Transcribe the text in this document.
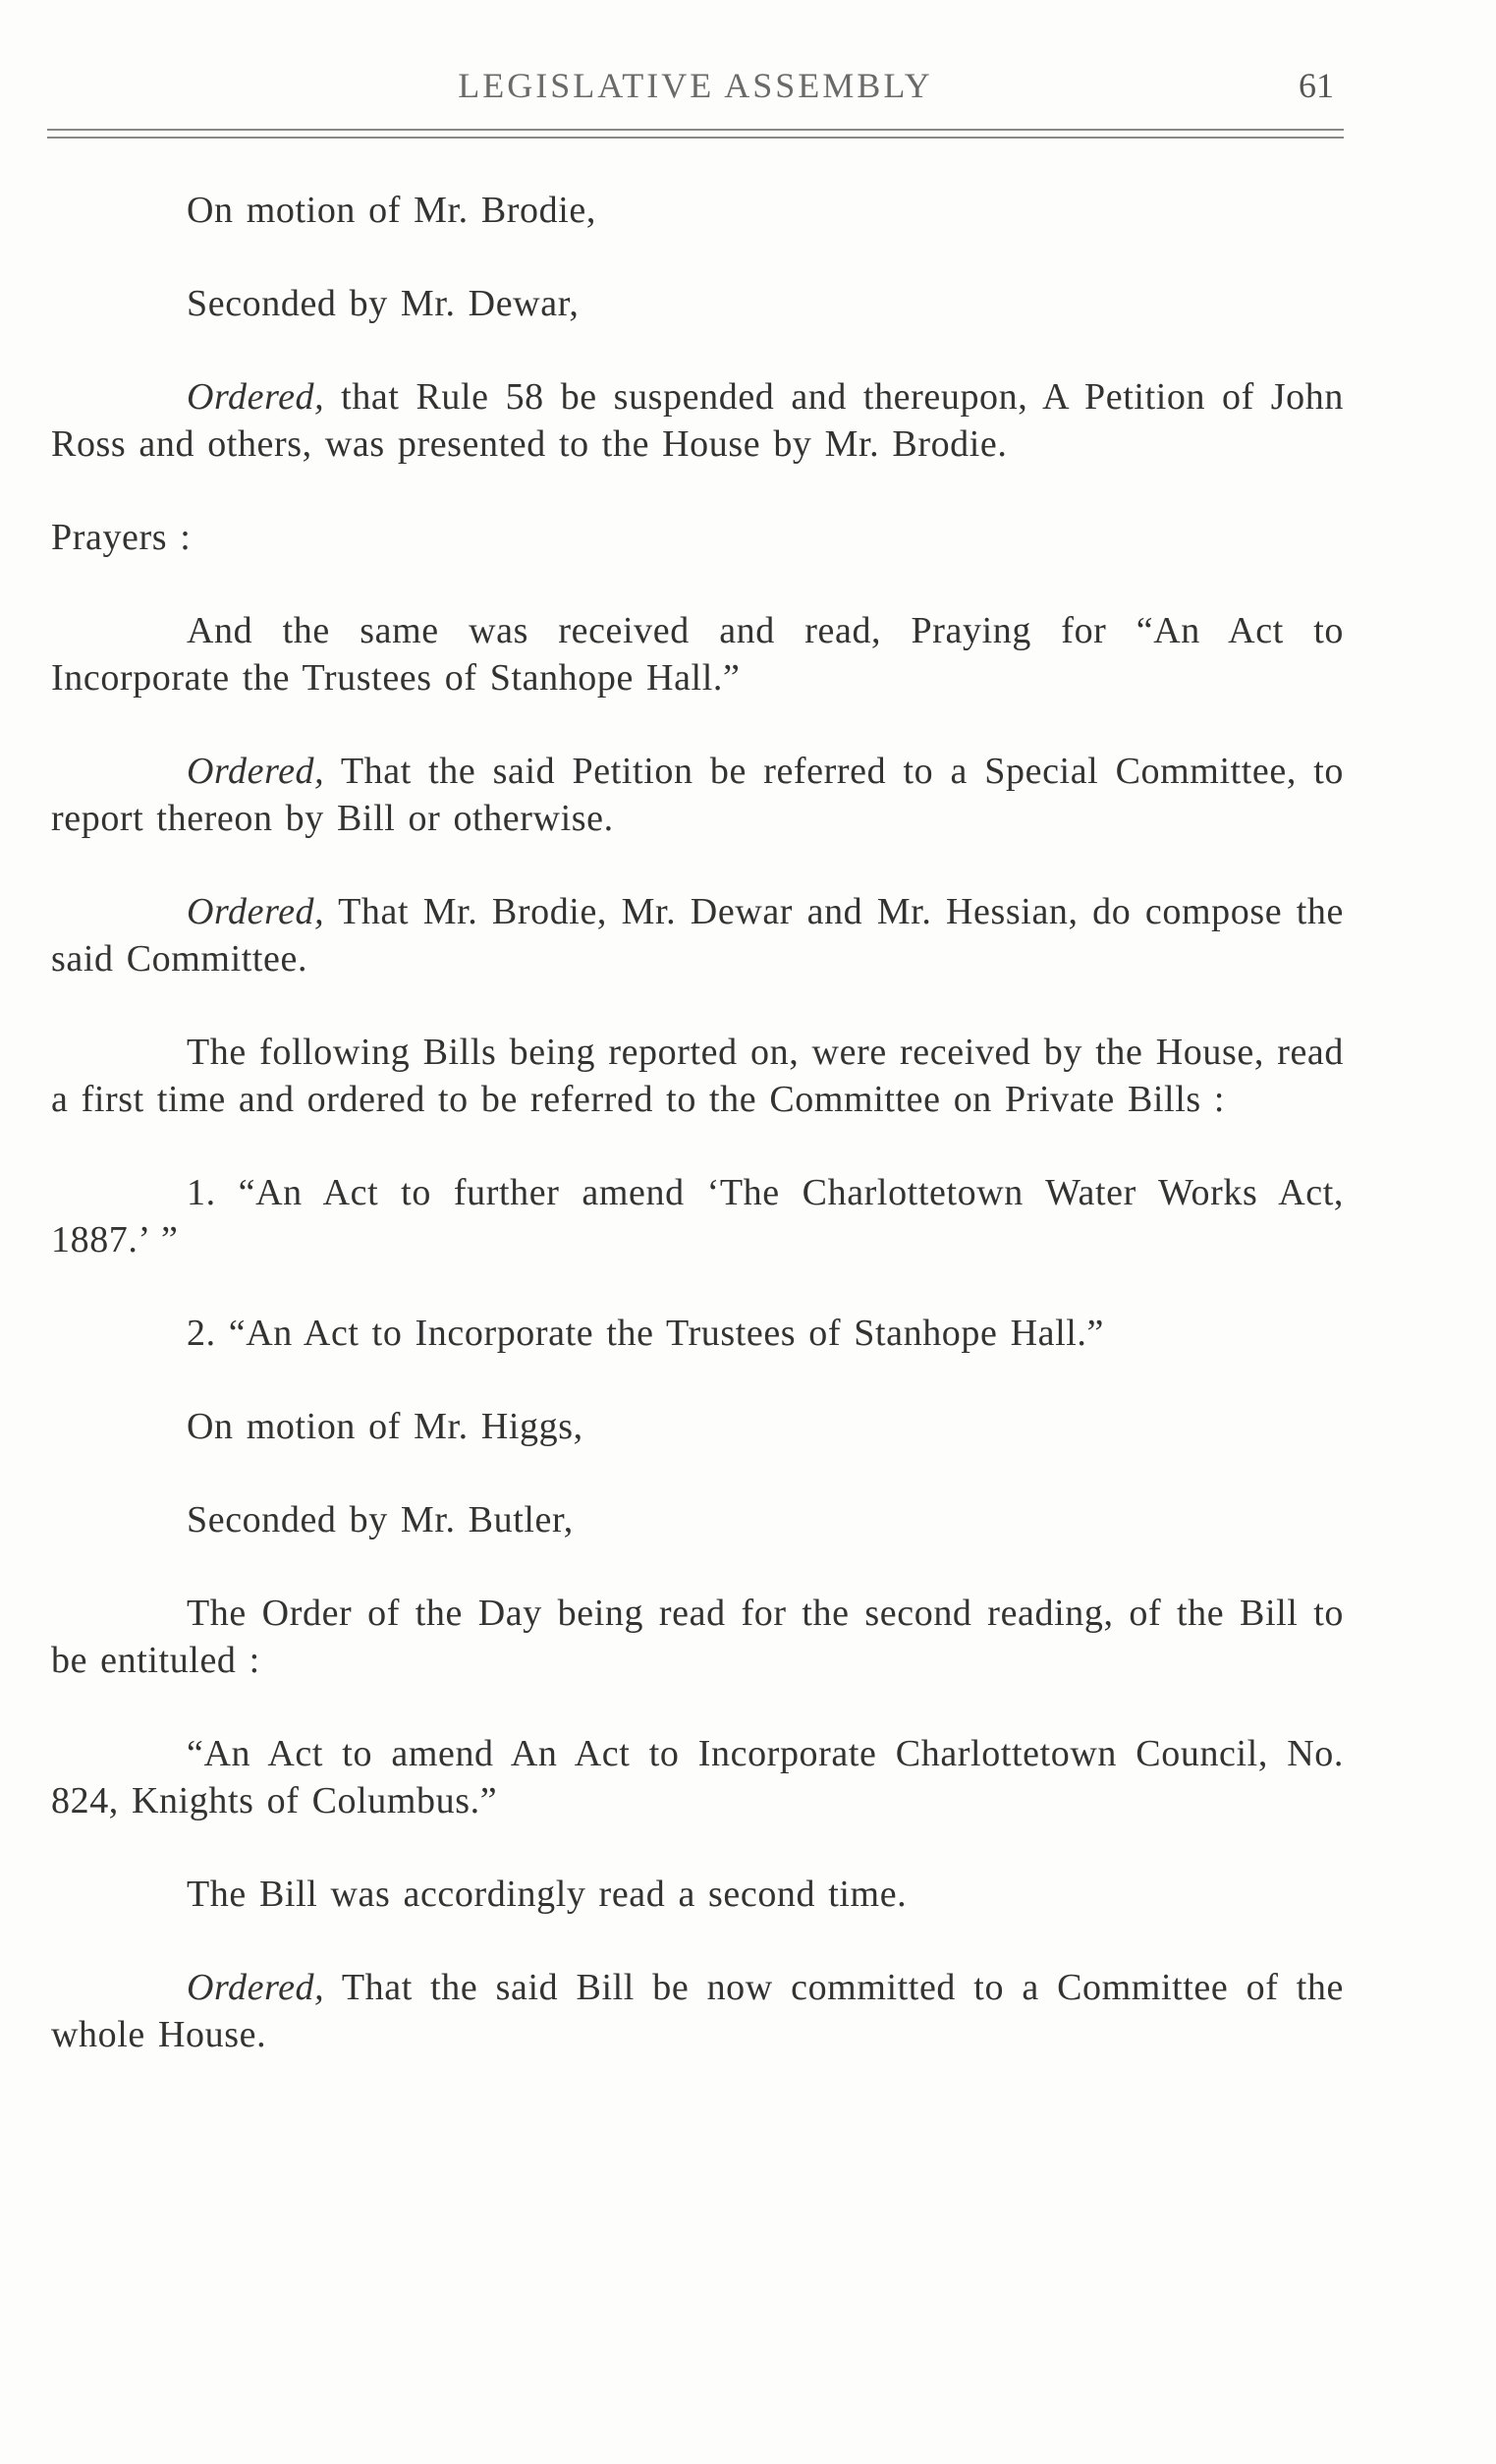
LEGISLATIVE ASSEMBLY	61

On motion of Mr. Brodie,

Seconded by Mr. Dewar,

Ordered, that Rule 58 be suspended and thereupon, A Petition of John Ross and others, was presented to the House by Mr. Brodie.

Prayers :

And the same was received and read, Praying for “An Act to Incorporate the Trustees of Stanhope Hall.”

Ordered, That the said Petition be referred to a Special Committee, to report thereon by Bill or otherwise.

Ordered, That Mr. Brodie, Mr. Dewar and Mr. Hessian, do compose the said Committee.

The following Bills being reported on, were received by the House, read a first time and ordered to be referred to the Committee on Private Bills :

1. “An Act to further amend ‘The Charlottetown Water Works Act, 1887.’ ”

2. “An Act to Incorporate the Trustees of Stanhope Hall.”

On motion of Mr. Higgs,

Seconded by Mr. Butler,

The Order of the Day being read for the second reading, of the Bill to be entituled :

“An Act to amend An Act to Incorporate Charlottetown Council, No. 824, Knights of Columbus.”

The Bill was accordingly read a second time.

Ordered, That the said Bill be now committed to a Committee of the whole House.
